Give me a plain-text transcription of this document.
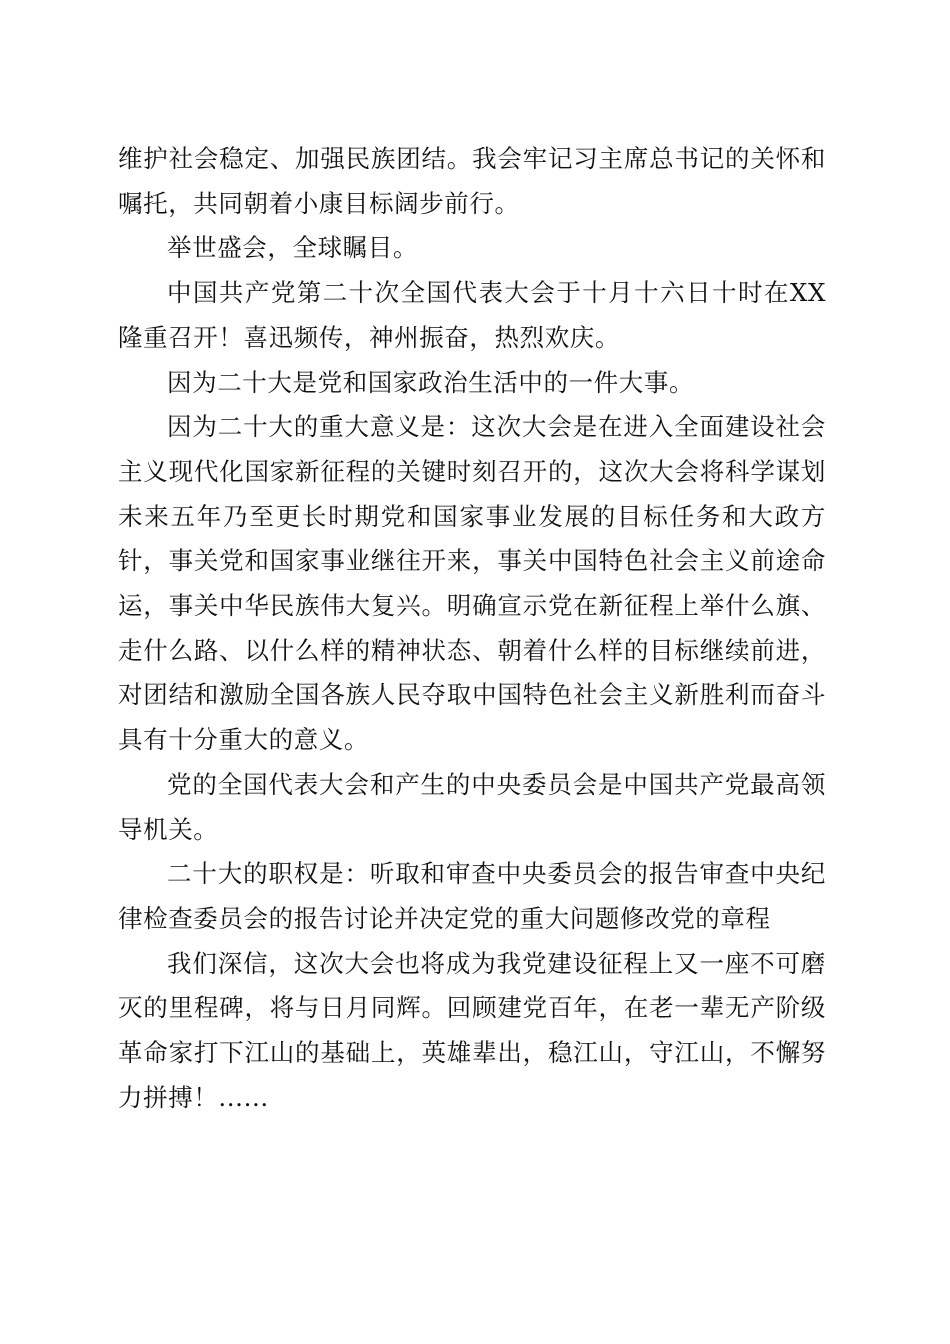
维护社会稳定、加强民族团结。我会牢记习主席总书记的关怀和嘱托，共同朝着小康目标阔步前行。

举世盛会，全球瞩目。

中国共产党第二十次全国代表大会于十月十六日十时在XX隆重召开！喜迅频传，神州振奋，热烈欢庆。

因为二十大是党和国家政治生活中的一件大事。

因为二十大的重大意义是：这次大会是在进入全面建设社会主义现代化国家新征程的关键时刻召开的，这次大会将科学谋划未来五年乃至更长时期党和国家事业发展的目标任务和大政方针，事关党和国家事业继往开来，事关中国特色社会主义前途命运，事关中华民族伟大复兴。明确宣示党在新征程上举什么旗、走什么路、以什么样的精神状态、朝着什么样的目标继续前进，对团结和激励全国各族人民夺取中国特色社会主义新胜利而奋斗具有十分重大的意义。

党的全国代表大会和产生的中央委员会是中国共产党最高领导机关。

二十大的职权是：听取和审查中央委员会的报告审查中央纪律检查委员会的报告讨论并决定党的重大问题修改党的章程

我们深信，这次大会也将成为我党建设征程上又一座不可磨灭的里程碑，将与日月同辉。回顾建党百年，在老一辈无产阶级革命家打下江山的基础上，英雄辈出，稳江山，守江山，不懈努力拼搏！......
